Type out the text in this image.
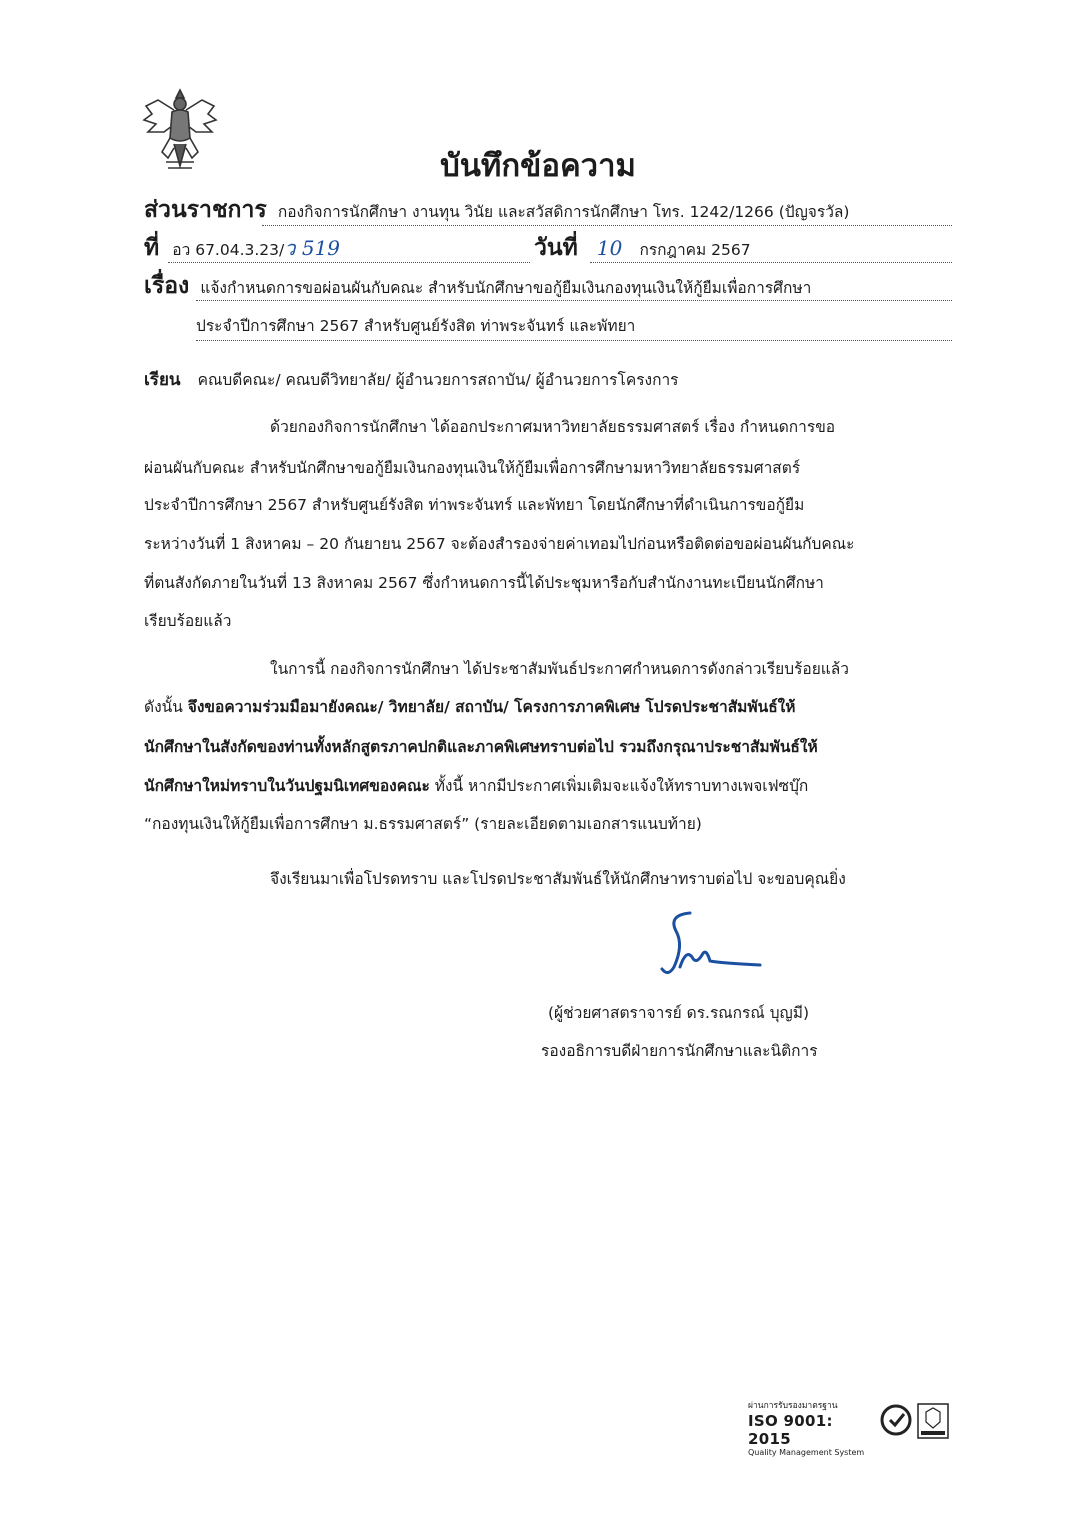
บันทึกข้อความ
ส่วนราชการ กองกิจการนักศึกษา งานทุน วินัย และสวัสดิการนักศึกษา โทร. 1242/1266 (ปัญจรวัล)
ที่ อว 67.04.3.23/ว 519	วันที่ 10 กรกฎาคม 2567
เรื่อง แจ้งกำหนดการขอผ่อนผันกับคณะ สำหรับนักศึกษาขอกู้ยืมเงินกองทุนเงินให้กู้ยืมเพื่อการศึกษา
ประจำปีการศึกษา 2567 สำหรับศูนย์รังสิต ท่าพระจันทร์ และพัทยา
เรียน คณบดีคณะ/ คณบดีวิทยาลัย/ ผู้อำนวยการสถาบัน/ ผู้อำนวยการโครงการ
ด้วยกองกิจการนักศึกษา ได้ออกประกาศมหาวิทยาลัยธรรมศาสตร์ เรื่อง กำหนดการขอ
ผ่อนผันกับคณะ สำหรับนักศึกษาขอกู้ยืมเงินกองทุนเงินให้กู้ยืมเพื่อการศึกษามหาวิทยาลัยธรรมศาสตร์
ประจำปีการศึกษา 2567 สำหรับศูนย์รังสิต ท่าพระจันทร์ และพัทยา โดยนักศึกษาที่ดำเนินการขอกู้ยืม
ระหว่างวันที่ 1 สิงหาคม – 20 กันยายน 2567 จะต้องสำรองจ่ายค่าเทอมไปก่อนหรือติดต่อขอผ่อนผันกับคณะ
ที่ตนสังกัดภายในวันที่ 13 สิงหาคม 2567 ซึ่งกำหนดการนี้ได้ประชุมหารือกับสำนักงานทะเบียนนักศึกษา
เรียบร้อยแล้ว
ในการนี้ กองกิจการนักศึกษา ได้ประชาสัมพันธ์ประกาศกำหนดการดังกล่าวเรียบร้อยแล้ว
ดังนั้น จึงขอความร่วมมือมายังคณะ/ วิทยาลัย/ สถาบัน/ โครงการภาคพิเศษ โปรดประชาสัมพันธ์ให้
นักศึกษาในสังกัดของท่านทั้งหลักสูตรภาคปกติและภาคพิเศษทราบต่อไป รวมถึงกรุณาประชาสัมพันธ์ให้
นักศึกษาใหม่ทราบในวันปฐมนิเทศของคณะ ทั้งนี้ หากมีประกาศเพิ่มเติมจะแจ้งให้ทราบทางเพจเฟซบุ๊ก
“กองทุนเงินให้กู้ยืมเพื่อการศึกษา ม.ธรรมศาสตร์” (รายละเอียดตามเอกสารแนบท้าย)
จึงเรียนมาเพื่อโปรดทราบ และโปรดประชาสัมพันธ์ให้นักศึกษาทราบต่อไป จะขอบคุณยิ่ง
(ผู้ช่วยศาสตราจารย์ ดร.รณกรณ์ บุญมี)
รองอธิการบดีฝ่ายการนักศึกษาและนิติการ
ผ่านการรับรองมาตรฐาน
ISO 9001: 2015
Quality Management System
